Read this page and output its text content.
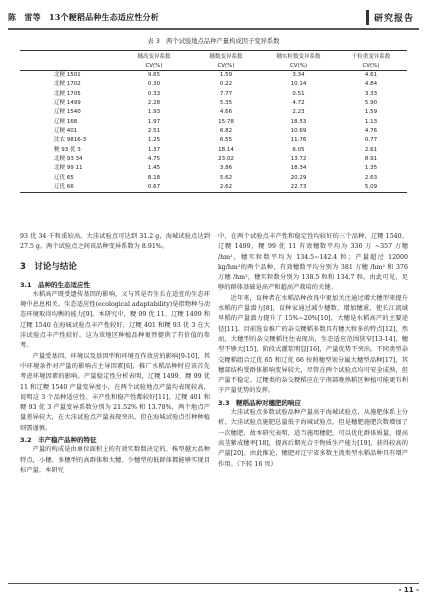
陈　雷等　13个粳稻品种生态适应性分析	研究报告
表 3　两个试验地点品种产量构成因子变异系数
	穗高变异系数	穗数变异系数	穗实粒数变异系数	千粒重变异系数
	CV(%)	CV(%)	CV(%)	CV(%)
北粳 1501	9.65	1.59	3.34	4.61
北粳 1702	0.30	0.22	10.14	4.84
北粳 1705	0.33	7.77	0.51	3.33
辽粳 1499	2.28	5.35	4.72	5.90
辽粳 1540	1.93	4.66	2.23	1.59
辽粳 168	1.97	15.78	18.53	1.13
辽粳 401	2.51	6.82	10.69	4.76
沈农 9816-3	1.25	6.55	11.76	0.77
粳 93 优 3	1.37	18.14	6.05	2.61
北粳 93 34	4.75	23.02	13.72	8.91
北粳 99 11	1.45	3.86	18.34	1.35
辽优 65	8.18	5.62	20.29	2.63
辽优 66	0.67	2.62	22.73	5.09

93 优 34 千粒重较高。大洼试验点可达到 31.2 g，海城试验点达到 27.5 g。两个试验点之间该品种变异系数为 8.91%。

3　讨论与结论
3.1　品种的生态适应性

水稻高产既受遗传基因的影响，又与其是否生长在适宜的生态环境中息息相关。生态适应性(ecological adaptability)是指物种与动态环境取得均衡的能力[9]。本研究中，粳 99 优 11、辽粳 1499 和辽粳 1540 在海城试验点丰产性较好，辽粳 401 和粳 93 优 3 在大洼试验点丰产性较好。这为该地区种植品种更替提供了有价值的参考。

产量受基因、环境以及基因型和环境互作效应的影响[9-10]，其中环境条件对产量的影响占主导因素[6]，推广水稻品种时应该首先考虑环境因素的影响。产量稳定性分析表明，辽粳 1499、粳 99 优 11 和辽粳 1540 产量变异度小，在两个试验地点产量均表现较高，说明这 3 个品种适应性、丰产性和稳产性都较好[11]。辽粳 401 和粳 93 优 3 产量变异系数分别为 21.52% 和 13.78%，两个地点产量差异较大，在大洼试验点产量表现突出，但在海城试验点引种种植则需谨慎。

3.2　丰产稳产品种的特征

产量的构成是由单位面积上的有效实数数决定的，株型越大品种特点，小穗、多穗型的高群体和大穗、少穗型的低群体都能够实现目标产量。本研究

中，在两个试验点丰产性和稳定性均较好的三个品种，辽粳 1540、辽粳 1499、粳 99 优 11 有效穗数平均为 336 万 ~357 万穗 /hm²，穗实粒数平均为 134.5~142.4 粒；产量超过 12000 kg/hm²的两个品种，有效穗数平均分别为 381 万穗 /hm² 和 376 万穗 /hm²，穗实粒数分别为 138.5 粒和 134.7 粒。由此可见，足够的群体基础是高产和超高产栽培的关键。

近年来，育种者在水稻品种改良中更加关注通过增大穗型来提升水稻的产量潜力[8]，育种家通过减少穗数、增加穗重，使长江流域早稻的产量潜力提升了 15%~20%[10]，大穗是水稻高产的主要途径[11]。目前选育推广的杂交粳稻多数具有穗大粒多的特点[12]，然而，大穗型的杂交粳稻往往表现出，生态适应范围狭窄[13-14]，穗型不够大[15]，阶段式灌浆明显[16]，产量优势不突出。不同类型杂交粳稻组合辽优 65 和辽优 66 按照穗型划分属大穗型品种[17]，其穗部结构受群体影响变异较大，尽管在两个试验点均可安全成熟，但产量不稳定。辽粳类的杂交粳稻应在宁南部晚熟稻区种植可能更有利于产量优势的发挥。

3.3　粳稻品种对穗肥的响应

大洼试验点多数试验品种产量高于海城试验点，从施肥体系上分析，大洼试验点施肥总量低于海城试验点，但是穗肥施肥次数增加了一次穗肥，故本研究表明，适当施用穗肥，可以优化群体质量，提高高茎紫成穗率[18]，提高后期光合干物质生产能力[19]，获得较高的产量[20]。由此推论，穗肥对辽宁省多数主流类型水稻品种具有增产作用。（下转 16 页）

- 11 -
